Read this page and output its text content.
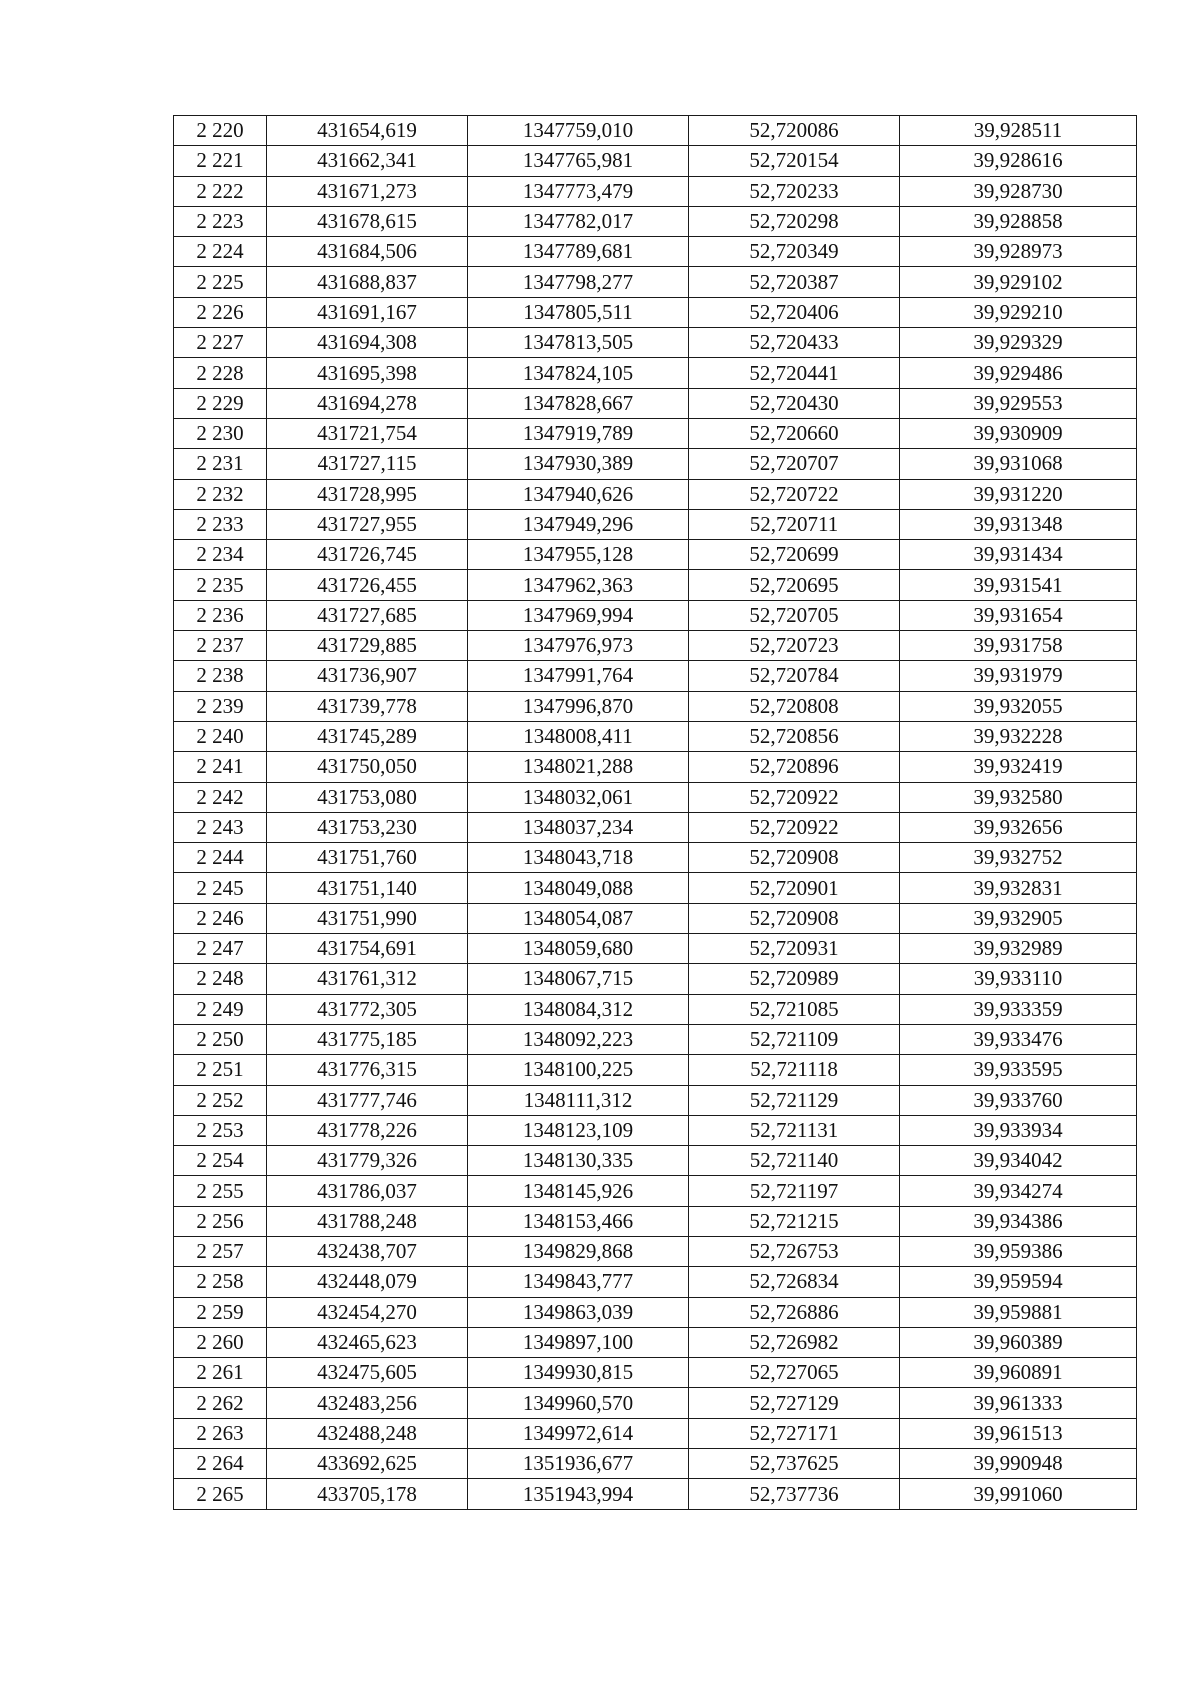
2 220	431654,619	1347759,010	52,720086	39,928511
2 221	431662,341	1347765,981	52,720154	39,928616
2 222	431671,273	1347773,479	52,720233	39,928730
2 223	431678,615	1347782,017	52,720298	39,928858
2 224	431684,506	1347789,681	52,720349	39,928973
2 225	431688,837	1347798,277	52,720387	39,929102
2 226	431691,167	1347805,511	52,720406	39,929210
2 227	431694,308	1347813,505	52,720433	39,929329
2 228	431695,398	1347824,105	52,720441	39,929486
2 229	431694,278	1347828,667	52,720430	39,929553
2 230	431721,754	1347919,789	52,720660	39,930909
2 231	431727,115	1347930,389	52,720707	39,931068
2 232	431728,995	1347940,626	52,720722	39,931220
2 233	431727,955	1347949,296	52,720711	39,931348
2 234	431726,745	1347955,128	52,720699	39,931434
2 235	431726,455	1347962,363	52,720695	39,931541
2 236	431727,685	1347969,994	52,720705	39,931654
2 237	431729,885	1347976,973	52,720723	39,931758
2 238	431736,907	1347991,764	52,720784	39,931979
2 239	431739,778	1347996,870	52,720808	39,932055
2 240	431745,289	1348008,411	52,720856	39,932228
2 241	431750,050	1348021,288	52,720896	39,932419
2 242	431753,080	1348032,061	52,720922	39,932580
2 243	431753,230	1348037,234	52,720922	39,932656
2 244	431751,760	1348043,718	52,720908	39,932752
2 245	431751,140	1348049,088	52,720901	39,932831
2 246	431751,990	1348054,087	52,720908	39,932905
2 247	431754,691	1348059,680	52,720931	39,932989
2 248	431761,312	1348067,715	52,720989	39,933110
2 249	431772,305	1348084,312	52,721085	39,933359
2 250	431775,185	1348092,223	52,721109	39,933476
2 251	431776,315	1348100,225	52,721118	39,933595
2 252	431777,746	1348111,312	52,721129	39,933760
2 253	431778,226	1348123,109	52,721131	39,933934
2 254	431779,326	1348130,335	52,721140	39,934042
2 255	431786,037	1348145,926	52,721197	39,934274
2 256	431788,248	1348153,466	52,721215	39,934386
2 257	432438,707	1349829,868	52,726753	39,959386
2 258	432448,079	1349843,777	52,726834	39,959594
2 259	432454,270	1349863,039	52,726886	39,959881
2 260	432465,623	1349897,100	52,726982	39,960389
2 261	432475,605	1349930,815	52,727065	39,960891
2 262	432483,256	1349960,570	52,727129	39,961333
2 263	432488,248	1349972,614	52,727171	39,961513
2 264	433692,625	1351936,677	52,737625	39,990948
2 265	433705,178	1351943,994	52,737736	39,991060
